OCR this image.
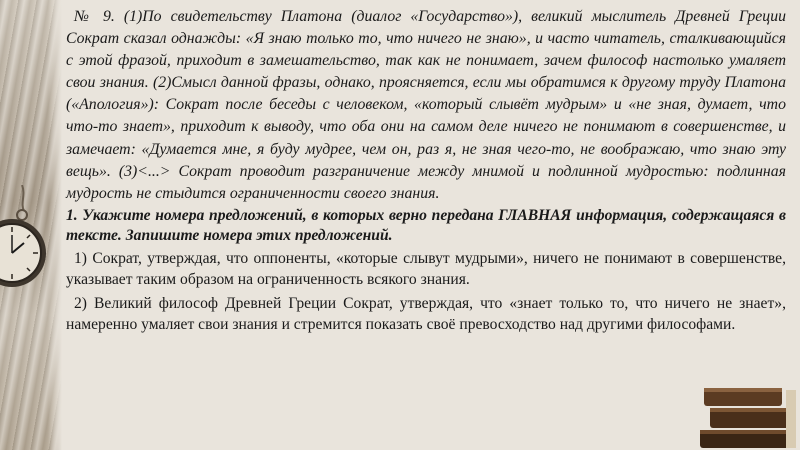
№ 9. (1)По свидетельству Платона (диалог «Государство»), великий мыслитель Древней Греции Сократ сказал однажды: «Я знаю только то, что ничего не знаю», и часто читатель, сталкивающийся с этой фразой, приходит в замешательство, так как не понимает, зачем философ настолько умаляет свои знания. (2)Смысл данной фразы, однако, проясняется, если мы обратимся к другому труду Платона («Апология»): Сократ после беседы с человеком, «который слывёт мудрым» и «не зная, думает, что что-то знает», приходит к выводу, что оба они на самом деле ничего не понимают в совершенстве, и замечает: «Думается мне, я буду мудрее, чем он, раз я, не зная чего-то, не воображаю, что знаю эту вещь». (3)<...> Сократ проводит разграничение между мнимой и подлинной мудростью: подлинная мудрость не стыдится ограниченности своего знания.

1. Укажите номера предложений, в которых верно передана ГЛАВНАЯ информация, содержащаяся в тексте. Запишите номера этих предложений.

1) Сократ, утверждая, что оппоненты, «которые слывут мудрыми», ничего не понимают в совершенстве, указывает таким образом на ограниченность всякого знания.

2) Великий философ Древней Греции Сократ, утверждая, что «знает только то, что ничего не знает», намеренно умаляет свои знания и стремится показать своё превосходство над другими философами.
